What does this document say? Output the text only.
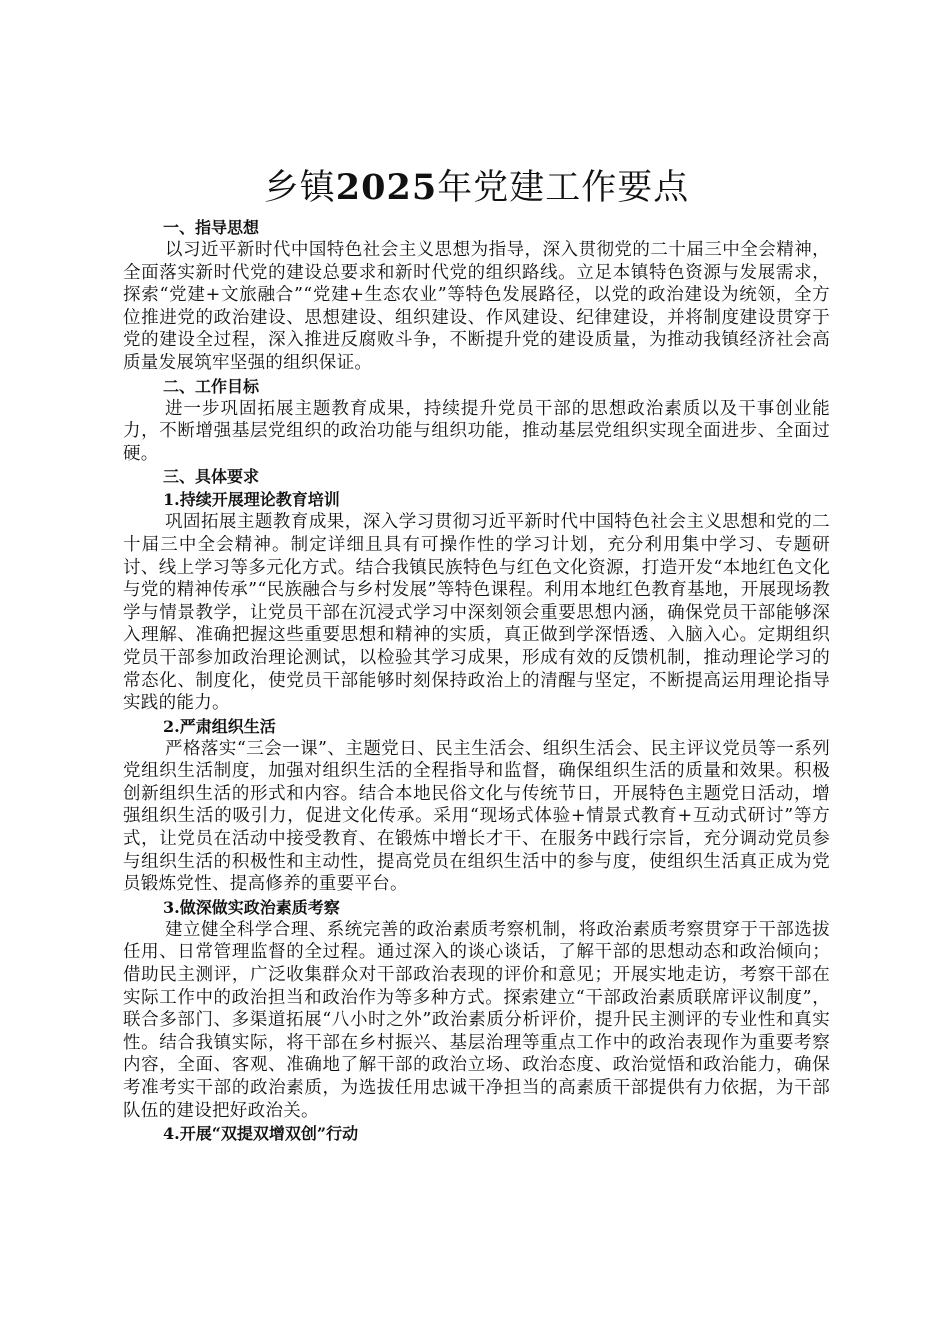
乡镇2025年党建工作要点
一、指导思想

以习近平新时代中国特色社会主义思想为指导，深入贯彻党的二十届三中全会精神，全面落实新时代党的建设总要求和新时代党的组织路线。立足本镇特色资源与发展需求，探索“党建+文旅融合”“党建+生态农业”等特色发展路径，以党的政治建设为统领，全方位推进党的政治建设、思想建设、组织建设、作风建设、纪律建设，并将制度建设贯穿于党的建设全过程，深入推进反腐败斗争，不断提升党的建设质量，为推动我镇经济社会高质量发展筑牢坚强的组织保证。

二、工作目标

进一步巩固拓展主题教育成果，持续提升党员干部的思想政治素质以及干事创业能力，不断增强基层党组织的政治功能与组织功能，推动基层党组织实现全面进步、全面过硬。

三、具体要求
1.持续开展理论教育培训

巩固拓展主题教育成果，深入学习贯彻习近平新时代中国特色社会主义思想和党的二十届三中全会精神。制定详细且具有可操作性的学习计划，充分利用集中学习、专题研讨、线上学习等多元化方式。结合我镇民族特色与红色文化资源，打造开发“本地红色文化与党的精神传承”“民族融合与乡村发展”等特色课程。利用本地红色教育基地，开展现场教学与情景教学，让党员干部在沉浸式学习中深刻领会重要思想内涵，确保党员干部能够深入理解、准确把握这些重要思想和精神的实质，真正做到学深悟透、入脑入心。定期组织党员干部参加政治理论测试，以检验其学习成果，形成有效的反馈机制，推动理论学习的常态化、制度化，使党员干部能够时刻保持政治上的清醒与坚定，不断提高运用理论指导实践的能力。

2.严肃组织生活

严格落实“三会一课”、主题党日、民主生活会、组织生活会、民主评议党员等一系列党组织生活制度，加强对组织生活的全程指导和监督，确保组织生活的质量和效果。积极创新组织生活的形式和内容。结合本地民俗文化与传统节日，开展特色主题党日活动，增强组织生活的吸引力，促进文化传承。采用“现场式体验+情景式教育+互动式研讨”等方式，让党员在活动中接受教育、在锻炼中增长才干、在服务中践行宗旨，充分调动党员参与组织生活的积极性和主动性，提高党员在组织生活中的参与度，使组织生活真正成为党员锻炼党性、提高修养的重要平台。

3.做深做实政治素质考察

建立健全科学合理、系统完善的政治素质考察机制，将政治素质考察贯穿于干部选拔任用、日常管理监督的全过程。通过深入的谈心谈话，了解干部的思想动态和政治倾向；借助民主测评，广泛收集群众对干部政治表现的评价和意见；开展实地走访，考察干部在实际工作中的政治担当和政治作为等多种方式。探索建立“干部政治素质联席评议制度”，联合多部门、多渠道拓展“八小时之外”政治素质分析评价，提升民主测评的专业性和真实性。结合我镇实际，将干部在乡村振兴、基层治理等重点工作中的政治表现作为重要考察内容，全面、客观、准确地了解干部的政治立场、政治态度、政治觉悟和政治能力，确保考准考实干部的政治素质，为选拔任用忠诚干净担当的高素质干部提供有力依据，为干部队伍的建设把好政治关。

4.开展“双提双增双创”行动
